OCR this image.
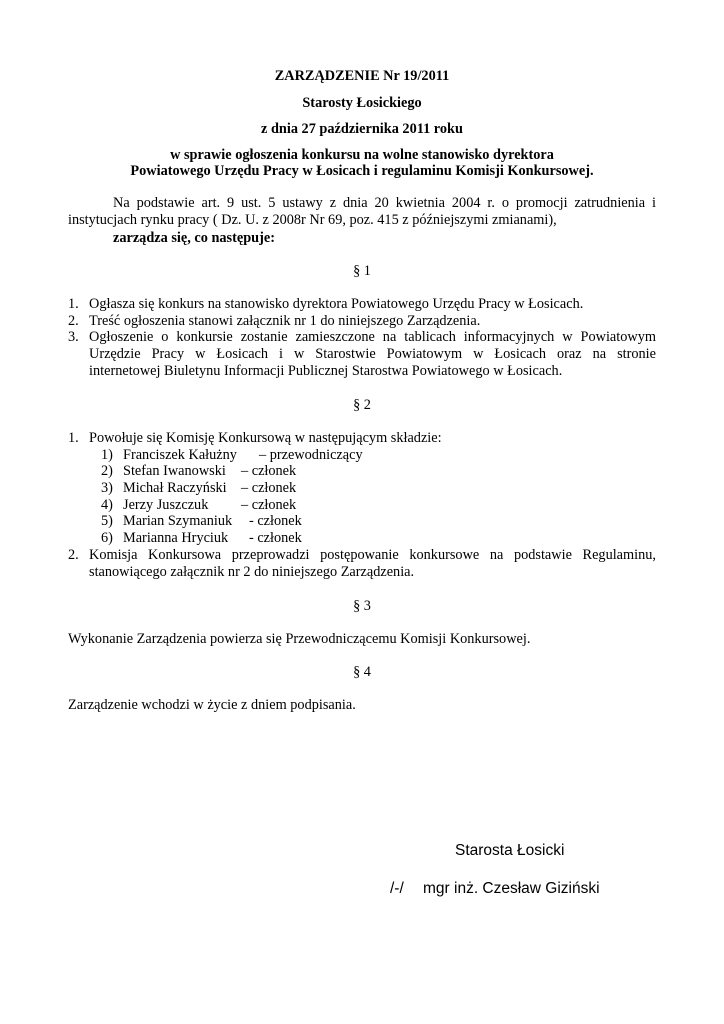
ZARZĄDZENIE Nr 19/2011
Starosty Łosickiego
z dnia 27 października 2011 roku
w sprawie ogłoszenia konkursu na wolne stanowisko dyrektora
Powiatowego Urzędu Pracy w Łosicach i regulaminu Komisji Konkursowej.
Na podstawie art. 9 ust. 5 ustawy z dnia 20 kwietnia 2004 r. o promocji zatrudnienia i
instytucjach rynku pracy ( Dz. U. z 2008r Nr 69, poz. 415 z późniejszymi zmianami),
zarządza się, co następuje:
§ 1
1. Ogłasza się konkurs na stanowisko dyrektora Powiatowego Urzędu Pracy w Łosicach.
2. Treść ogłoszenia stanowi załącznik nr 1 do niniejszego Zarządzenia.
3. Ogłoszenie o konkursie zostanie zamieszczone na tablicach informacyjnych w Powiatowym
Urzędzie Pracy w Łosicach i w Starostwie Powiatowym w Łosicach oraz na stronie
internetowej Biuletynu Informacji Publicznej Starostwa Powiatowego w Łosicach.
§ 2
1. Powołuje się Komisję Konkursową w następującym składzie:
1) Franciszek Kałużny – przewodniczący
2) Stefan Iwanowski – członek
3) Michał Raczyński – członek
4) Jerzy Juszczuk – członek
5) Marian Szymaniuk - członek
6) Marianna Hryciuk - członek
2. Komisja Konkursowa przeprowadzi postępowanie konkursowe na podstawie Regulaminu,
stanowiącego załącznik nr 2 do niniejszego Zarządzenia.
§ 3
Wykonanie Zarządzenia powierza się Przewodniczącemu Komisji Konkursowej.
§ 4
Zarządzenie wchodzi w życie z dniem podpisania.
Starosta Łosicki
/-/ mgr inż. Czesław Giziński
